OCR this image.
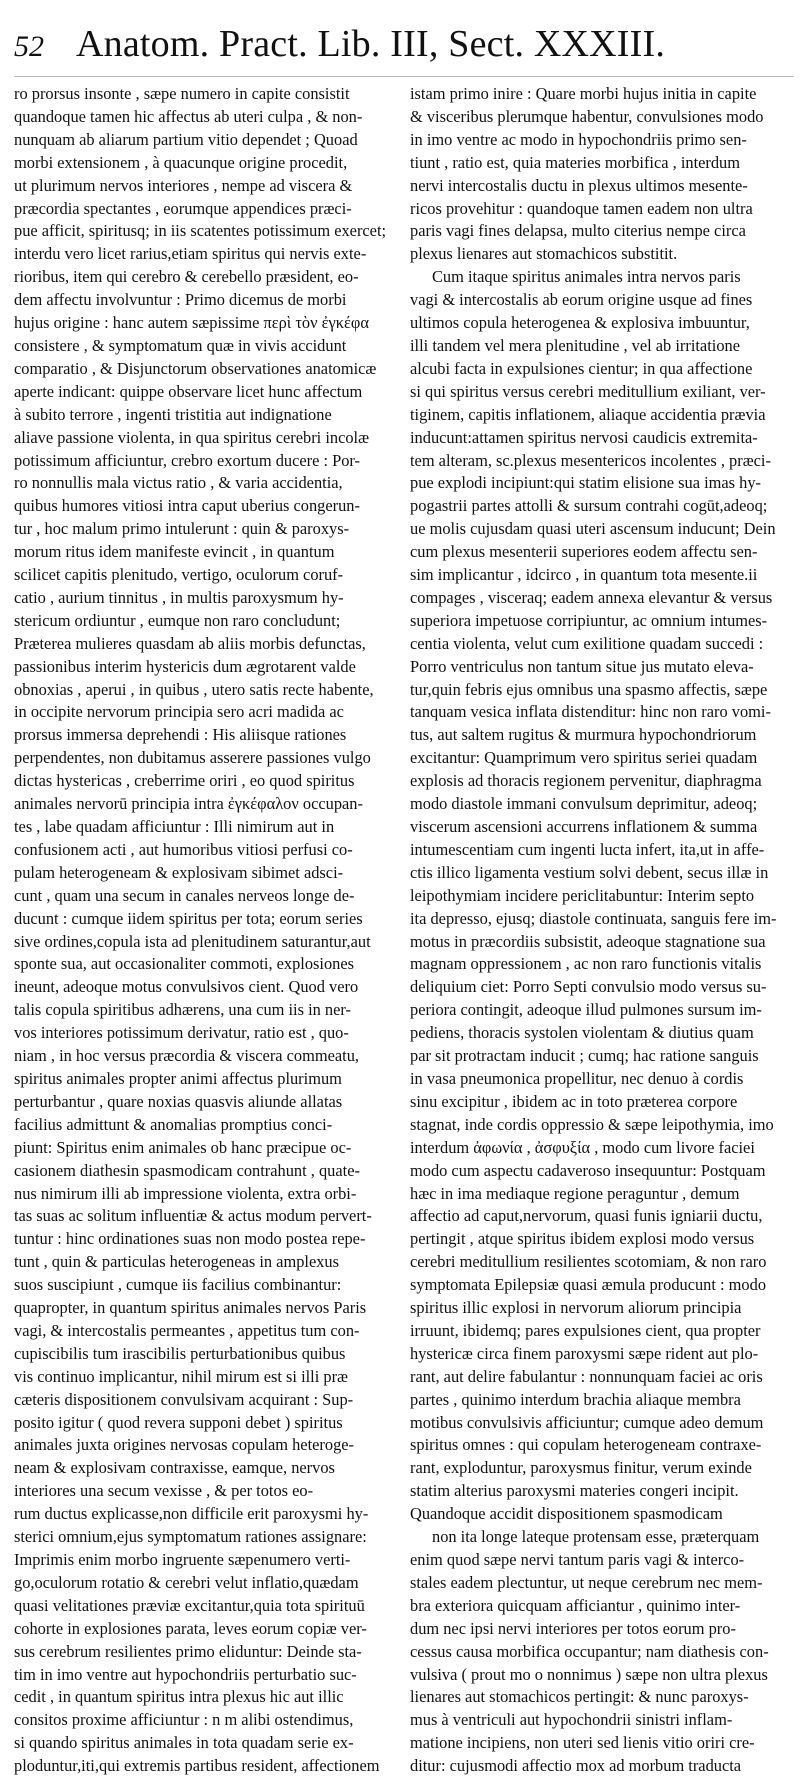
52 Anatom. Pract. Lib. III, Sect. XXXIII.

ro prorsus insonte , sæpe numero in capite consistit

quandoque tamen hic affectus ab uteri culpa , & non-

nunquam ab aliarum partium vitio dependet ; Quoad

morbi extensionem , à quacunque origine procedit,

ut plurimum nervos interiores , nempe ad viscera &

præcordia spectantes , eorumque appendices præci-

pue afficit, spiritusq; in iis scatentes potissimum exercet;

interdu vero licet rarius,etiam spiritus qui nervis exte-

rioribus, item qui cerebro & cerebello præsident, eo-

dem affectu involvuntur : Primo dicemus de morbi

hujus origine : hanc autem sæpissime περὶ τὸν ἐγκέφα

consistere , & symptomatum quæ in vivis accidunt

comparatio , & Disjunctorum observationes anatomicæ

aperte indicant: quippe observare licet hunc affectum

à subito terrore , ingenti tristitia aut indignatione

aliave passione violenta, in qua spiritus cerebri incolæ

potissimum afficiuntur, crebro exortum ducere : Por-

ro nonnullis mala victus ratio , & varia accidentia,

quibus humores vitiosi intra caput uberius congerun-

tur , hoc malum primo intulerunt : quin & paroxys-

morum ritus idem manifeste evincit , in quantum

scilicet capitis plenitudo, vertigo, oculorum coruf-

catio , aurium tinnitus , in multis paroxysmum hy-

stericum ordiuntur , eumque non raro concludunt;

Præterea mulieres quasdam ab aliis morbis defunctas,

passionibus interim hystericis dum ægrotarent valde

obnoxias , aperui , in quibus , utero satis recte habente,

in occipite nervorum principia sero acri madida ac

prorsus immersa deprehendi : His aliisque rationes

perpendentes, non dubitamus asserere passiones vulgo

dictas hystericas , creberrime oriri , eo quod spiritus

animales nervorū principia intra ἐγκέφαλον occupan-

tes , labe quadam afficiuntur : Illi nimirum aut in

confusionem acti , aut humoribus vitiosi perfusi co-

pulam heterogeneam & explosivam sibimet adsci-

cunt , quam una secum in canales nerveos longe de-

ducunt : cumque iidem spiritus per tota; eorum series

sive ordines,copula ista ad plenitudinem saturantur,aut

sponte sua, aut occasionaliter commoti, explosiones

ineunt, adeoque motus convulsivos cient. Quod vero

talis copula spiritibus adhærens, una cum iis in ner-

vos interiores potissimum derivatur, ratio est , quo-

niam , in hoc versus præcordia & viscera commeatu,

spiritus animales propter animi affectus plurimum

perturbantur , quare noxias quasvis aliunde allatas

facilius admittunt & anomalias promptius conci-

piunt: Spiritus enim animales ob hanc præcipue oc-

casionem diathesin spasmodicam contrahunt , quate-

nus nimirum illi ab impressione violenta, extra orbi-

tas suas ac solitum influentiæ & actus modum pervert-

tuntur : hinc ordinationes suas non modo postea repe-

tunt , quin & particulas heterogeneas in amplexus

suos suscipiunt , cumque iis facilius combinantur:

quapropter, in quantum spiritus animales nervos Paris

vagi, & intercostalis permeantes , appetitus tum con-

cupiscibilis tum irascibilis perturbationibus quibus

vis continuo implicantur, nihil mirum est si illi præ

cæteris dispositionem convulsivam acquirant : Sup-

posito igitur ( quod revera supponi debet ) spiritus

animales juxta origines nervosas copulam heteroge-

neam & explosivam contraxisse, eamque, nervos

interiores una secum vexisse , & per totos eo-

rum ductus explicasse,non difficile erit paroxysmi hy-

sterici omnium,ejus symptomatum rationes assignare:

Imprimis enim morbo ingruente sæpenumero verti-

go,oculorum rotatio & cerebri velut inflatio,quædam

quasi velitationes præviæ excitantur,quia tota spirituū

cohorte in explosiones parata, leves eorum copiæ ver-

sus cerebrum resilientes primo eliduntur: Deinde sta-

tim in imo ventre aut hypochondriis perturbatio suc-

cedit , in quantum spiritus intra plexus hic aut illic

consitos proxime afficiuntur : n m alibi ostendimus,

si quando spiritus animales in tota quadam serie ex-

ploduntur,iti,qui extremis partibus resident, affectionem

istam primo inire : Quare morbi hujus initia in capite

& visceribus plerumque habentur, convulsiones modo

in imo ventre ac modo in hypochondriis primo sen-

tiunt , ratio est, quia materies morbifica , interdum

nervi intercostalis ductu in plexus ultimos mesente-

ricos provehitur : quandoque tamen eadem non ultra

paris vagi fines delapsa, multo citerius nempe circa

plexus lienares aut stomachicos substitit.

Cum itaque spiritus animales intra nervos paris

vagi & intercostalis ab eorum origine usque ad fines

ultimos copula heterogenea & explosiva imbuuntur,

illi tandem vel mera plenitudine , vel ab irritatione

alcubi facta in expulsiones cientur; in qua affectione

si qui spiritus versus cerebri meditullium exiliant, ver-

tiginem, capitis inflationem, aliaque accidentia prævia

inducunt:attamen spiritus nervosi caudicis extremita-

tem alteram, sc.plexus mesentericos incolentes , præci-

pue explodi incipiunt:qui statim elisione sua imas hy-

pogastrii partes attolli & sursum contrahi cogūt,adeoq;

ue molis cujusdam quasi uteri ascensum inducunt; Dein

cum plexus mesenterii superiores eodem affectu sen-

sim implicantur , idcirco , in quantum tota mesente.ii

compages , visceraq; eadem annexa elevantur & versus

superiora impetuose corripiuntur, ac omnium intumes-

centia violenta, velut cum exilitione quadam succedi :

Porro ventriculus non tantum situe jus mutato eleva-

tur,quin febris ejus omnibus una spasmo affectis, sæpe

tanquam vesica inflata distenditur: hinc non raro vomi-

tus, aut saltem rugitus & murmura hypochondriorum

excitantur: Quamprimum vero spiritus seriei quadam

explosis ad thoracis regionem pervenitur, diaphragma

modo diastole immani convulsum deprimitur, adeoq;

viscerum ascensioni accurrens inflationem & summa

intumescentiam cum ingenti lucta infert, ita,ut in affe-

ctis illico ligamenta vestium solvi debent, secus illæ in

leipothymiam incidere periclitabuntur: Interim septo

ita depresso, ejusq; diastole continuata, sanguis fere im-

motus in præcordiis subsistit, adeoque stagnatione sua

magnam oppressionem , ac non raro functionis vitalis

deliquium ciet: Porro Septi convulsio modo versus su-

periora contingit, adeoque illud pulmones sursum im-

pediens, thoracis systolen violentam & diutius quam

par sit protractam inducit ; cumq; hac ratione sanguis

in vasa pneumonica propellitur, nec denuo à cordis

sinu excipitur , ibidem ac in toto præterea corpore

stagnat, inde cordis oppressio & sæpe leipothymia, imo

interdum ἀφωνία , ἀσφυξία , modo cum livore faciei

modo cum aspectu cadaveroso insequuntur: Postquam

hæc in ima mediaque regione peraguntur , demum

affectio ad caput,nervorum, quasi funis igniarii ductu,

pertingit , atque spiritus ibidem explosi modo versus

cerebri meditullium resilientes scotomiam, & non raro

symptomata Epilepsiæ quasi æmula producunt : modo

spiritus illic explosi in nervorum aliorum principia

irruunt, ibidemq; pares expulsiones cient, qua propter

hystericæ circa finem paroxysmi sæpe rident aut plo-

rant, aut delire fabulantur : nonnunquam faciei ac oris

partes , quinimo interdum brachia aliaque membra

motibus convulsivis afficiuntur; cumque adeo demum

spiritus omnes : qui copulam heterogeneam contraxe-

rant, exploduntur, paroxysmus finitur, verum exinde

statim alterius paroxysmi materies congeri incipit.

Quandoque accidit dispositionem spasmodicam

non ita longe lateque protensam esse, præterquam

enim quod sæpe nervi tantum paris vagi & interco-

stales eadem plectuntur, ut neque cerebrum nec mem-

bra exteriora quicquam afficiantur , quinimo inter-

dum nec ipsi nervi interiores per totos eorum pro-

cessus causa morbifica occupantur; nam diathesis con-

vulsiva ( prout mo o nonnimus ) sæpe non ultra plexus

lienares aut stomachicos pertingit: & nunc paroxys-

mus à ventriculi aut hypochondrii sinistri inflam-

matione incipiens, non uteri sed lienis vitio oriri cre-

ditur: cujusmodi affectio mox ad morbum traducta
